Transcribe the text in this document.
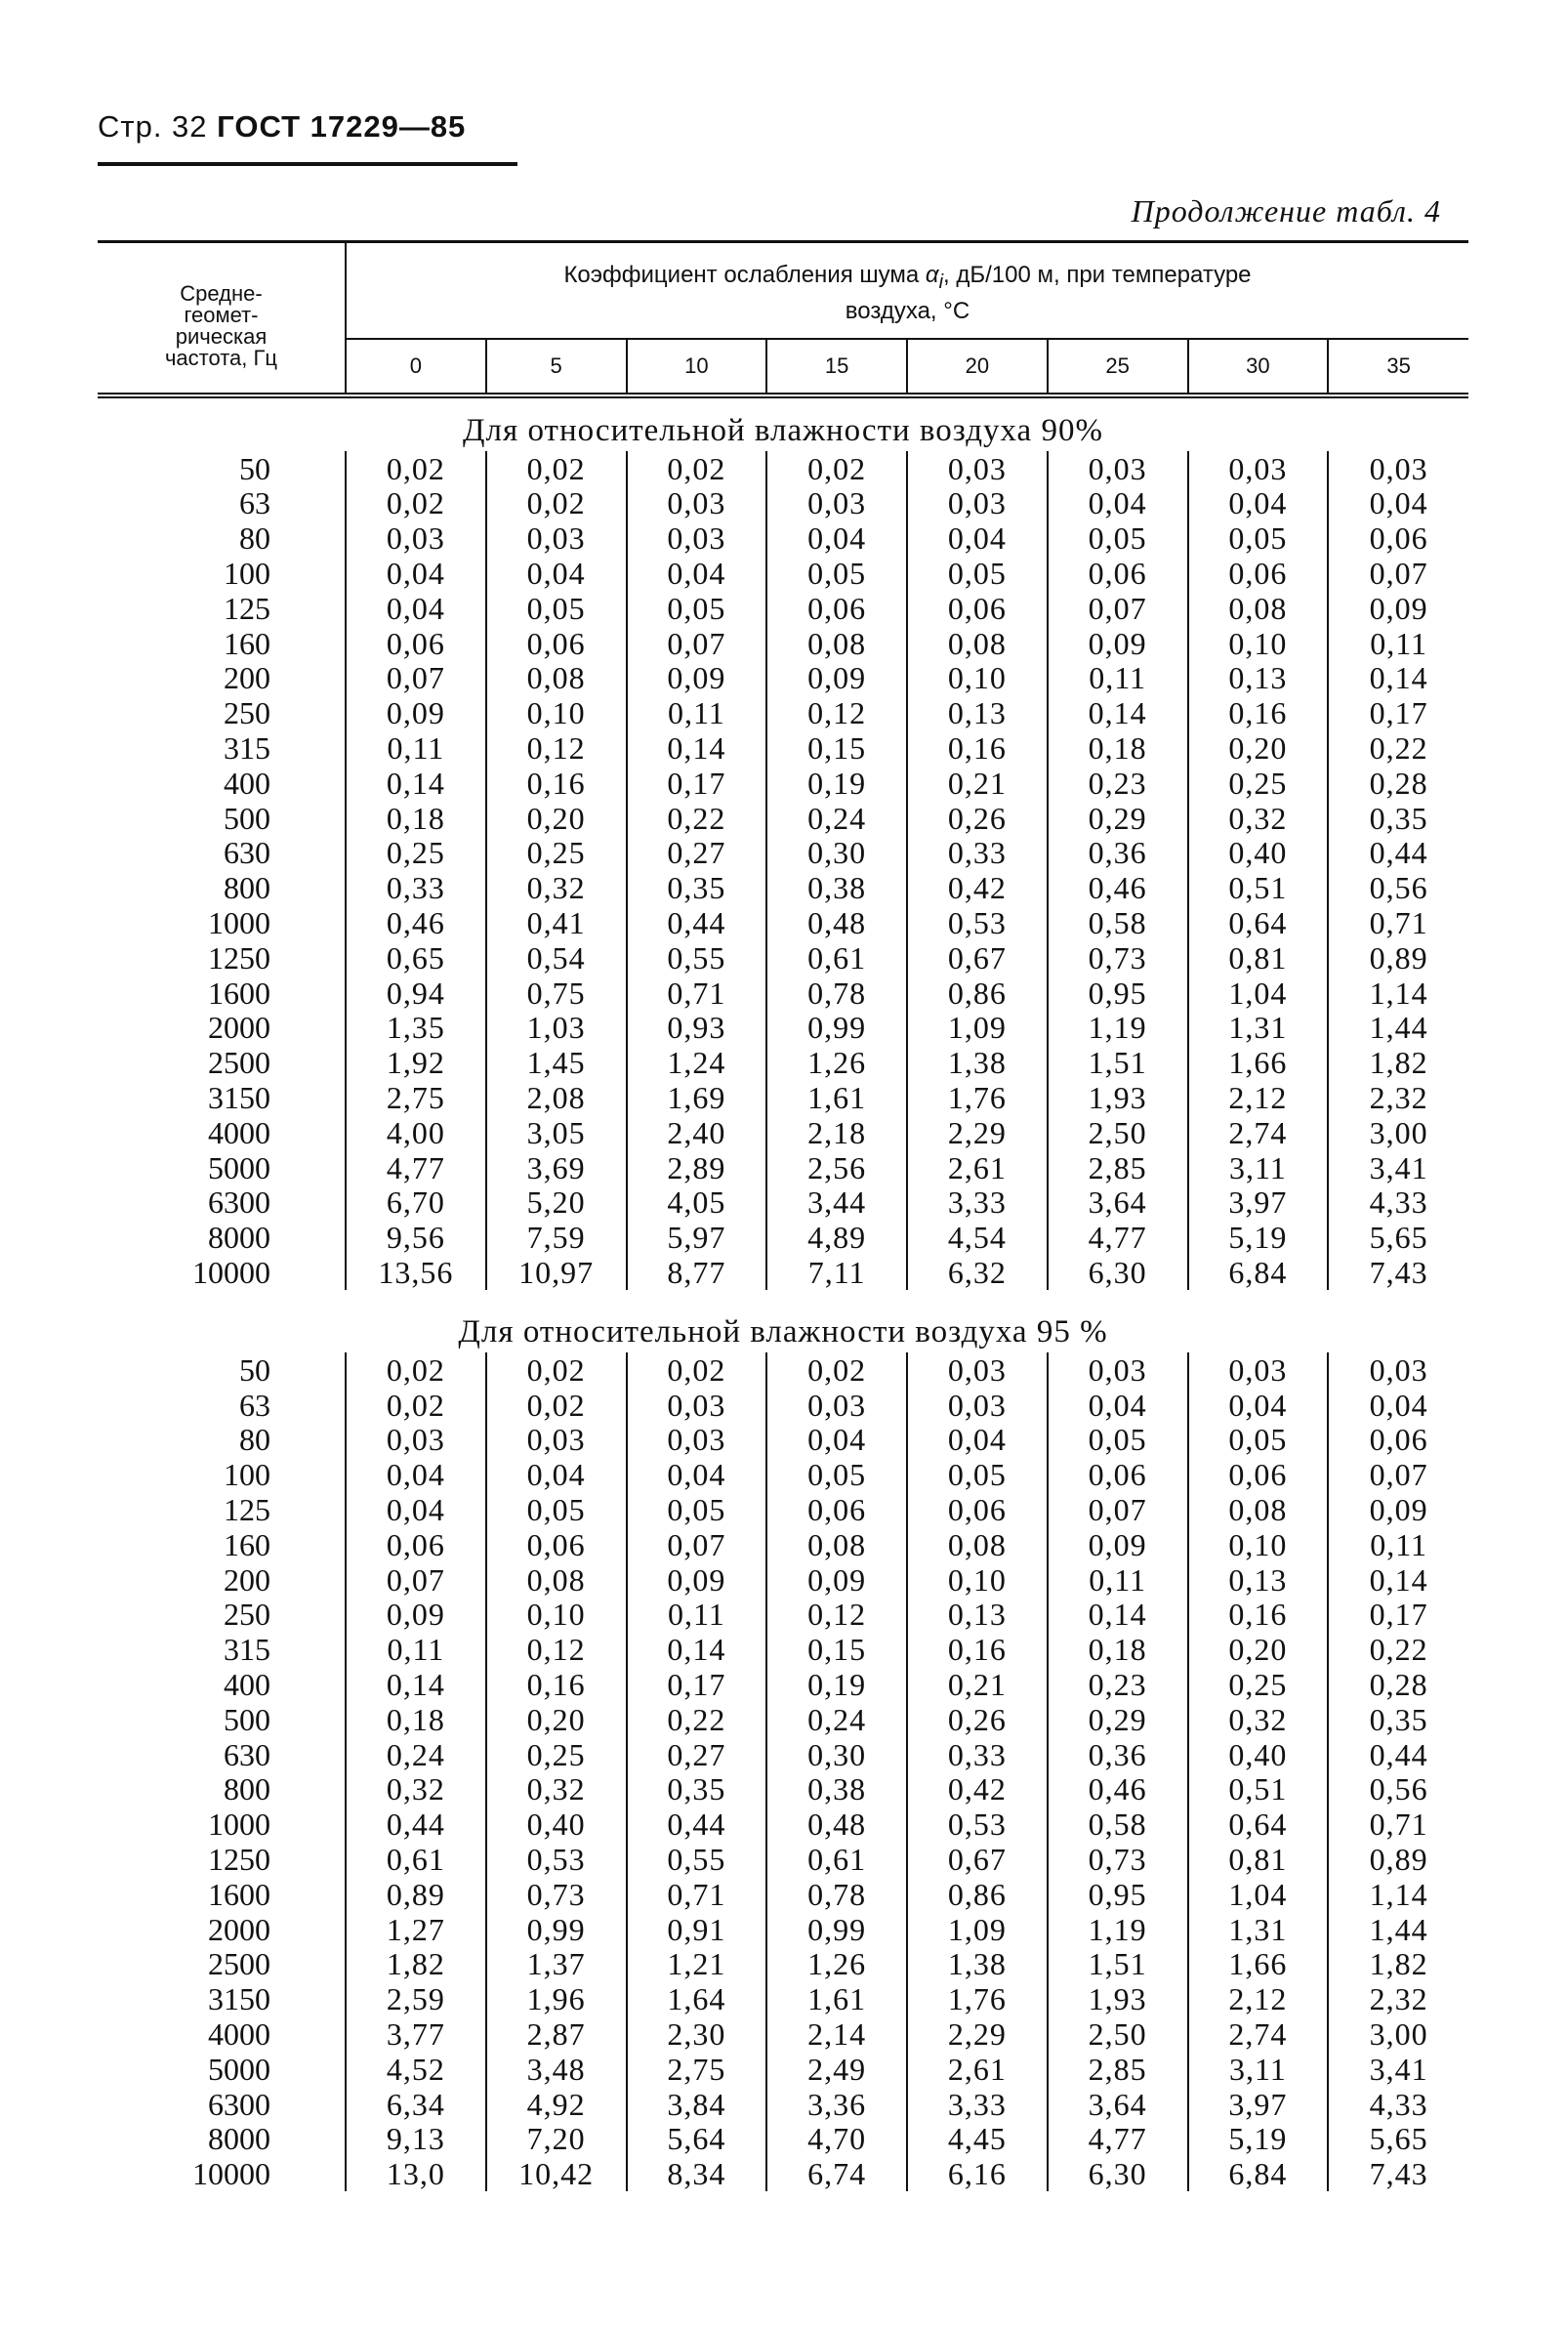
Стр. 32 ГОСТ 17229—85
Продолжение табл. 4
Средне-
геомет-
рическая
частота, Гц	Коэффициент ослабления шума $\alpha_i$, дБ/100 м, при температуре
воздуха, °С							
	0	5	10	15	20	25	30	35
Для относительной влажности воздуха 90%								
50	0,02	0,02	0,02	0,02	0,03	0,03	0,03	0,03
63	0,02	0,02	0,03	0,03	0,03	0,04	0,04	0,04
80	0,03	0,03	0,03	0,04	0,04	0,05	0,05	0,06
100	0,04	0,04	0,04	0,05	0,05	0,06	0,06	0,07
125	0,04	0,05	0,05	0,06	0,06	0,07	0,08	0,09
160	0,06	0,06	0,07	0,08	0,08	0,09	0,10	0,11
200	0,07	0,08	0,09	0,09	0,10	0,11	0,13	0,14
250	0,09	0,10	0,11	0,12	0,13	0,14	0,16	0,17
315	0,11	0,12	0,14	0,15	0,16	0,18	0,20	0,22
400	0,14	0,16	0,17	0,19	0,21	0,23	0,25	0,28
500	0,18	0,20	0,22	0,24	0,26	0,29	0,32	0,35
630	0,25	0,25	0,27	0,30	0,33	0,36	0,40	0,44
800	0,33	0,32	0,35	0,38	0,42	0,46	0,51	0,56
1000	0,46	0,41	0,44	0,48	0,53	0,58	0,64	0,71
1250	0,65	0,54	0,55	0,61	0,67	0,73	0,81	0,89
1600	0,94	0,75	0,71	0,78	0,86	0,95	1,04	1,14
2000	1,35	1,03	0,93	0,99	1,09	1,19	1,31	1,44
2500	1,92	1,45	1,24	1,26	1,38	1,51	1,66	1,82
3150	2,75	2,08	1,69	1,61	1,76	1,93	2,12	2,32
4000	4,00	3,05	2,40	2,18	2,29	2,50	2,74	3,00
5000	4,77	3,69	2,89	2,56	2,61	2,85	3,11	3,41
6300	6,70	5,20	4,05	3,44	3,33	3,64	3,97	4,33
8000	9,56	7,59	5,97	4,89	4,54	4,77	5,19	5,65
10000	13,56	10,97	8,77	7,11	6,32	6,30	6,84	7,43

Для относительной влажности воздуха 95 %								
50	0,02	0,02	0,02	0,02	0,03	0,03	0,03	0,03
63	0,02	0,02	0,03	0,03	0,03	0,04	0,04	0,04
80	0,03	0,03	0,03	0,04	0,04	0,05	0,05	0,06
100	0,04	0,04	0,04	0,05	0,05	0,06	0,06	0,07
125	0,04	0,05	0,05	0,06	0,06	0,07	0,08	0,09
160	0,06	0,06	0,07	0,08	0,08	0,09	0,10	0,11
200	0,07	0,08	0,09	0,09	0,10	0,11	0,13	0,14
250	0,09	0,10	0,11	0,12	0,13	0,14	0,16	0,17
315	0,11	0,12	0,14	0,15	0,16	0,18	0,20	0,22
400	0,14	0,16	0,17	0,19	0,21	0,23	0,25	0,28
500	0,18	0,20	0,22	0,24	0,26	0,29	0,32	0,35
630	0,24	0,25	0,27	0,30	0,33	0,36	0,40	0,44
800	0,32	0,32	0,35	0,38	0,42	0,46	0,51	0,56
1000	0,44	0,40	0,44	0,48	0,53	0,58	0,64	0,71
1250	0,61	0,53	0,55	0,61	0,67	0,73	0,81	0,89
1600	0,89	0,73	0,71	0,78	0,86	0,95	1,04	1,14
2000	1,27	0,99	0,91	0,99	1,09	1,19	1,31	1,44
2500	1,82	1,37	1,21	1,26	1,38	1,51	1,66	1,82
3150	2,59	1,96	1,64	1,61	1,76	1,93	2,12	2,32
4000	3,77	2,87	2,30	2,14	2,29	2,50	2,74	3,00
5000	4,52	3,48	2,75	2,49	2,61	2,85	3,11	3,41
6300	6,34	4,92	3,84	3,36	3,33	3,64	3,97	4,33
8000	9,13	7,20	5,64	4,70	4,45	4,77	5,19	5,65
10000	13,0	10,42	8,34	6,74	6,16	6,30	6,84	7,43
